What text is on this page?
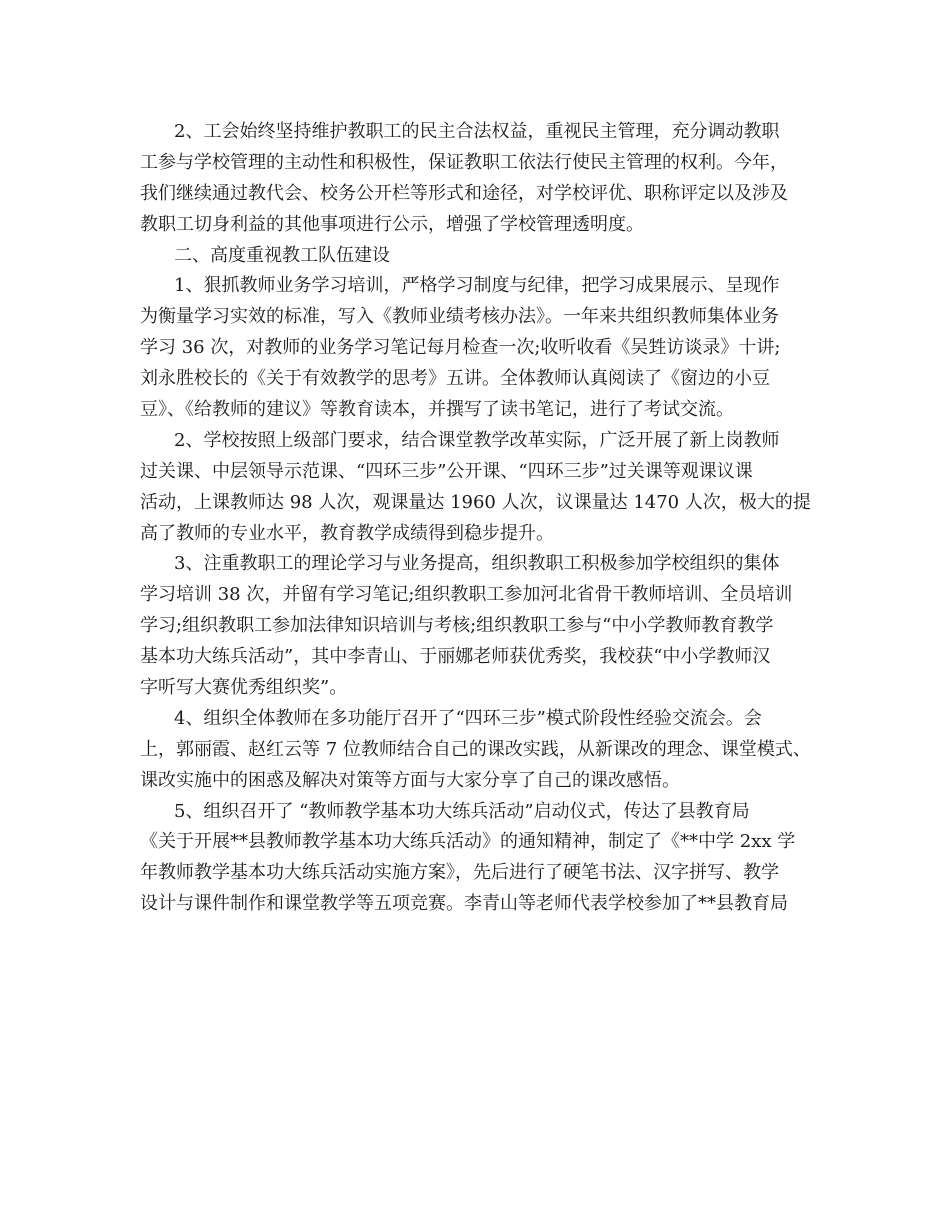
2、工会始终坚持维护教职工的民主合法权益，重视民主管理，充分调动教职
工参与学校管理的主动性和积极性，保证教职工依法行使民主管理的权利。今年，
我们继续通过教代会、校务公开栏等形式和途径，对学校评优、职称评定以及涉及
教职工切身利益的其他事项进行公示，增强了学校管理透明度。
二、高度重视教工队伍建设
1、狠抓教师业务学习培训，严格学习制度与纪律，把学习成果展示、呈现作
为衡量学习实效的标准，写入《教师业绩考核办法》。一年来共组织教师集体业务
学习 36 次，对教师的业务学习笔记每月检查一次;收听收看《吴甡访谈录》十讲;
刘永胜校长的《关于有效教学的思考》五讲。全体教师认真阅读了《窗边的小豆
豆》、《给教师的建议》等教育读本，并撰写了读书笔记，进行了考试交流。
2、学校按照上级部门要求，结合课堂教学改革实际，广泛开展了新上岗教师
过关课、中层领导示范课、“四环三步”公开课、“四环三步”过关课等观课议课
活动，上课教师达 98 人次，观课量达 1960 人次，议课量达 1470 人次，极大的提
高了教师的专业水平，教育教学成绩得到稳步提升。
3、注重教职工的理论学习与业务提高，组织教职工积极参加学校组织的集体
学习培训 38 次，并留有学习笔记;组织教职工参加河北省骨干教师培训、全员培训
学习;组织教职工参加法律知识培训与考核;组织教职工参与“中小学教师教育教学
基本功大练兵活动”，其中李青山、于丽娜老师获优秀奖，我校获“中小学教师汉
字听写大赛优秀组织奖”。
4、组织全体教师在多功能厅召开了“四环三步”模式阶段性经验交流会。会
上，郭丽霞、赵红云等 7 位教师结合自己的课改实践，从新课改的理念、课堂模式、
课改实施中的困惑及解决对策等方面与大家分享了自己的课改感悟。
5、组织召开了 “教师教学基本功大练兵活动”启动仪式，传达了县教育局
《关于开展**县教师教学基本功大练兵活动》的通知精神，制定了《**中学 2xx 学
年教师教学基本功大练兵活动实施方案》，先后进行了硬笔书法、汉字拼写、教学
设计与课件制作和课堂教学等五项竞赛。李青山等老师代表学校参加了**县教育局
